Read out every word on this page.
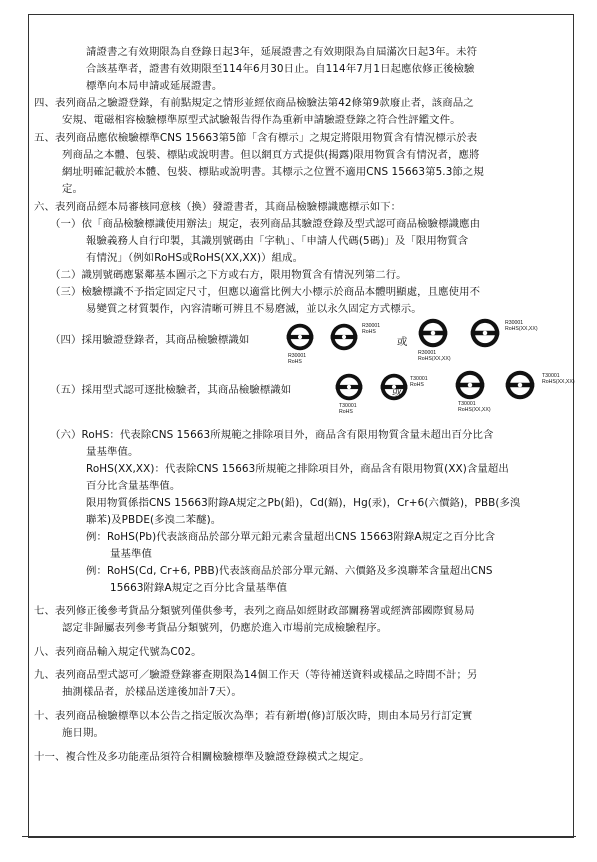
請證書之有效期限為自登錄日起3年，延展證書之有效期限為自屆滿次日起3年。未符
合該基準者，證書有效期限至114年6月30日止。自114年7月1日起應依修正後檢驗
標準向本局申請或延展證書。
四、表列商品之驗證登錄，有前點規定之情形並經依商品檢驗法第42條第9款廢止者，該商品之
安規、電磁相容檢驗標準原型式試驗報告得作為重新申請驗證登錄之符合性評鑑文件。
五、表列商品應依檢驗標準CNS 15663第5節「含有標示」之規定將限用物質含有情況標示於表
列商品之本體、包裝、標貼或說明書。但以網頁方式提供(揭露)限用物質含有情況者，應將
網址明確記載於本體、包裝、標貼或說明書。其標示之位置不適用CNS 15663第5.3節之規
定。
六、表列商品經本局審核同意核（換）發證書者，其商品檢驗標識應標示如下：
（一）依「商品檢驗標識使用辦法」規定，表列商品其驗證登錄及型式認可商品檢驗標識應由
報驗義務人自行印製，其識別號碼由「字軌」、「申請人代碼(5碼)」及「限用物質含
有情況」（例如RoHS或RoHS(XX,XX)）組成。
（二）識別號碼應緊鄰基本圖示之下方或右方，限用物質含有情況列第二行。
（三）檢驗標識不予指定固定尺寸，但應以適當比例大小標示於商品本體明顯處，且應使用不
易變質之材質製作，內容清晰可辨且不易磨滅，並以永久固定方式標示。
（四）採用驗證登錄者，其商品檢驗標識如
R30001
RoHS
R30001
RoHS
R30001
RoHS(XX,XX)
R30001
RoHS(XX,XX)
或
（五）採用型式認可逐批檢驗者，其商品檢驗標識如
T30001
RoHS
T30001
RoHS
T30001
RoHS(XX,XX)
T30001
RoHS(XX,XX)
或
（六）RoHS：代表除CNS 15663所規範之排除項目外，商品含有限用物質含量未超出百分比含
量基準值。
RoHS(XX,XX)：代表除CNS 15663所規範之排除項目外，商品含有限用物質(XX)含量超出
百分比含量基準值。
限用物質係指CNS 15663附錄A規定之Pb(鉛)，Cd(鎘)，Hg(汞)，Cr+6(六價鉻)，PBB(多溴
聯苯)及PBDE(多溴二苯醚)。
例：RoHS(Pb)代表該商品於部分單元鉛元素含量超出CNS 15663附錄A規定之百分比含
量基準值
例：RoHS(Cd, Cr+6, PBB)代表該商品於部分單元鎘、六價鉻及多溴聯苯含量超出CNS
15663附錄A規定之百分比含量基準值
七、表列修正後參考貨品分類號列僅供參考，表列之商品如經財政部關務署或經濟部國際貿易局
認定非歸屬表列參考貨品分類號列，仍應於進入市場前完成檢驗程序。
八、表列商品輸入規定代號為C02。
九、表列商品型式認可／驗證登錄審查期限為14個工作天（等待補送資料或樣品之時間不計；另
抽測樣品者，於樣品送達後加計7天）。
十、表列商品檢驗標準以本公告之指定版次為準；若有新增(修)訂版次時，則由本局另行訂定實
施日期。
十一、複合性及多功能產品須符合相關檢驗標準及驗證登錄模式之規定。
